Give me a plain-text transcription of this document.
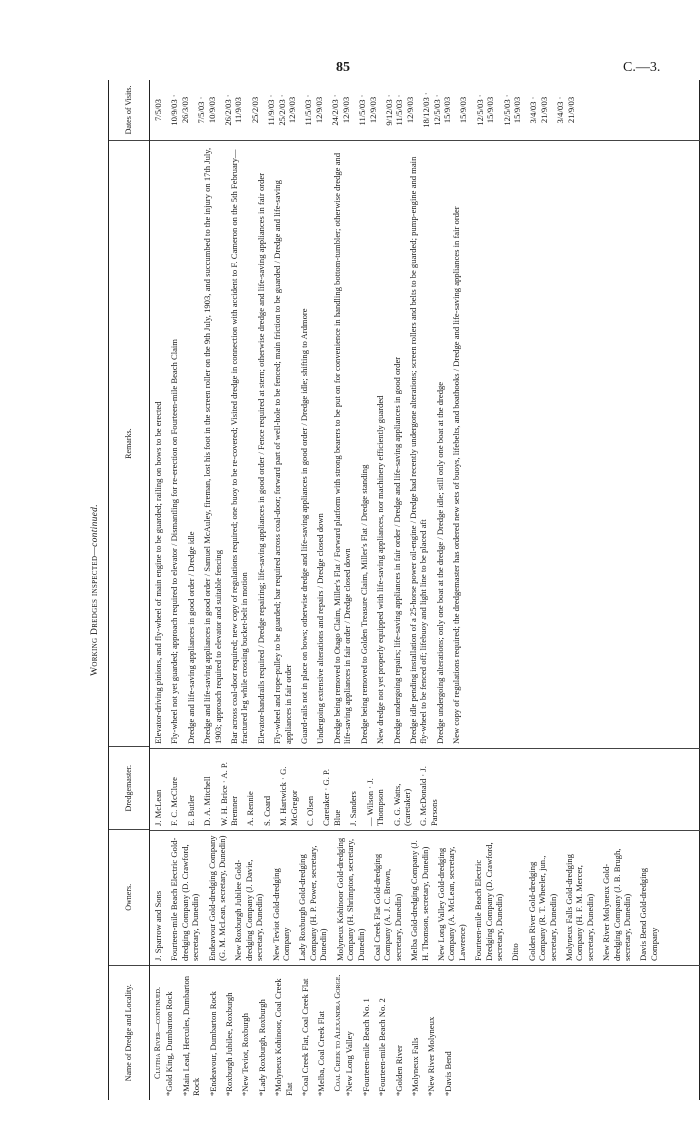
85	C.—3.
Working Dredges inspected—continued.
Name of Dredge and Locality.
Owners.
Dredgemaster.
Remarks.
Dates of Visits.
Clutha River—continued. *Gold King, Dumbarton Rock *Main Lead, Hercules, Dumbarton Rock *Endeavour, Dumbarton Rock *Roxburgh Jubilee, Roxburgh *New Teviot, Roxburgh *Lady Roxburgh, Roxburgh *Molyneux Kohinoor, Coal Creek Flat *Coal Creek Flat, Coal Creek Flat *Melba, Coal Creek Flat Coal Creek to Alexandra Gorge. *New Long Valley *Fourteen-mile Beach No. 1 *Fourteen-mile Beach No. 2 *Golden River *Molyneux Falls *New River Molyneux *Davis Bend
J. Sparrow and Sons Fourteen-mile Beach Electric Gold-dredging Company (D. Crawford, secretary, Dunedin) Endeavour Gold-dredging Company (G. M. McLean, secretary, Dunedin) New Roxburgh Jubilee Gold-dredging Company (J. Davie, secretary, Dunedin) New Teviot Gold-dredging Company Lady Roxburgh Gold-dredging Company (H. P. Power, secretary, Dunedin) Molyneux Kohinoor Gold-dredging Company (H. Shrimpton, secretary, Dunedin) Coal Creek Flat Gold-dredging Company (A. J. C. Brown, secretary, Dunedin) Melba Gold-dredging Company (J. H. Thomson, secretary, Dunedin) New Long Valley Gold-dredging Company (A. McLean, secretary, Lawrence) Fourteen-mile Beach Electric Dredging Company (D. Crawford, secretary, Dunedin) Ditto Golden River Gold-dredging Company (R. T. Wheeler, jun., secretary, Dunedin) Molyneux Falls Gold-dredging Company (H. F. M. Mercer, secretary, Dunedin) New River Molyneux Gold-dredging Company (J. B. Brugh, secretary, Dunedin) Davis Bend Gold-dredging Company
J. McLean F. C. McClure E. Butler D. A. Mitchell W. H. Brice · A. P. Bremner A. Rennie S. Coard M. Hartwick · G. McGregor C. Olsen Caretaker · G. P. Blue J. Sanders — Wilson · J. Thompson G. G. Watts, (caretaker) G. McDonald · J. Parsons
Elevator-driving pinions, and fly-wheel of main engine to be guarded; railing on bows to be erected Fly-wheel not yet guarded; approach required to elevator / Dismantling for re-erection on Fourteen-mile Beach Claim Dredge and life-saving appliances in good order / Dredge idle Dredge and life-saving appliances in good order / Samuel McAuley, fireman, lost his foot in the screen roller on the 9th July, 1903, and succumbed to the injury on 17th July, 1903; approach required to elevator and suitable fencing Bar across coal-door required; new copy of regulations required; one buoy to be re-covered; Visited dredge in connection with accident to F. Cameron on the 5th February—fractured leg while crossing bucket-belt in motion Elevator-handrails required / Dredge repairing; life-saving appliances in good order / Fence required at stern; otherwise dredge and life-saving appliances in fair order Fly-wheel and rope-pulley to be guarded; bar required across coal-door; forward part of well-hole to be fenced; main friction to be guarded / Dredge and life-saving appliances in fair order Guard-rails not in place on bows; otherwise dredge and life-saving appliances in good order / Dredge idle; shifting to Ardmore Undergoing extensive alterations and repairs / Dredge closed down Dredge being removed to Otago Claim, Miller's Flat / Forward platform with strong bearers to be put on for convenience in handling bottom-tumbler; otherwise dredge and life-saving appliances in fair order / Dredge closed down Dredge being removed to Golden Treasure Claim, Miller's Flat / Dredge standing New dredge not yet properly equipped with life-saving appliances, nor machinery efficiently guarded Dredge undergoing repairs; life-saving appliances in fair order / Dredge and life-saving appliances in good order Dredge idle pending installation of a 25-horse power oil-engine / Dredge had recently undergone alterations; screen rollers and belts to be guarded; pump-engine and main fly-wheel to be fenced off; lifebuoy and light line to be placed aft Dredge undergoing alterations; only one boat at the dredge / Dredge idle; still only one boat at the dredge New copy of regulations required; the dredgemaster has ordered new sets of buoys, lifebelts, and boathooks / Dredge and life-saving appliances in fair order
7/5/03 10/9/03 · 26/3/03 7/5/03 · 10/9/03 26/2/03 · 11/9/03 25/2/03 11/9/03 · 25/2/03 · 12/9/03 11/5/03 · 12/9/03 24/2/03 · 12/9/03 11/5/03 · 12/9/03 9/12/03 · 11/5/03 · 12/9/03 18/12/03 · 12/5/03 · 15/9/03 15/9/03 12/5/03 · 15/9/03 12/5/03 · 15/9/03 3/4/03 · 21/9/03 3/4/03 · 21/9/03
